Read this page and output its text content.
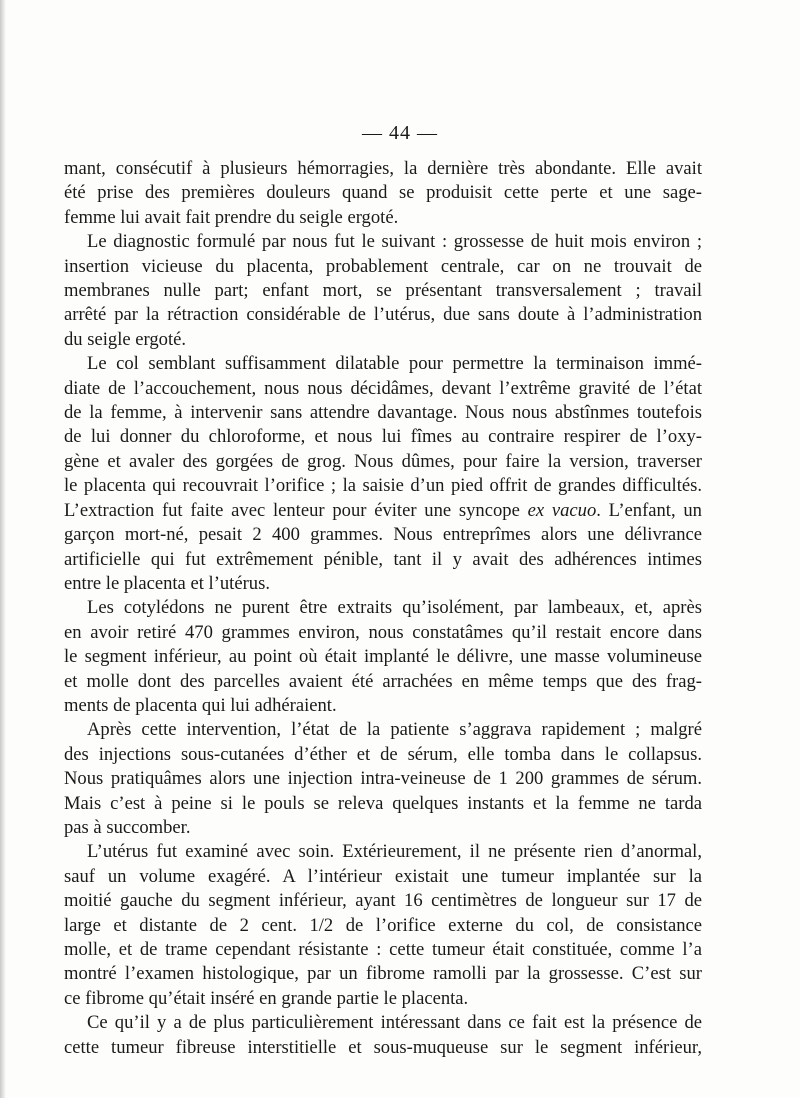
— 44 —
mant, consécutif à plusieurs hémorragies, la dernière très abondante. Elle avait
été prise des premières douleurs quand se produisit cette perte et une sage-
femme lui avait fait prendre du seigle ergoté.
Le diagnostic formulé par nous fut le suivant : grossesse de huit mois environ ;
insertion vicieuse du placenta, probablement centrale, car on ne trouvait de
membranes nulle part; enfant mort, se présentant transversalement ; travail
arrêté par la rétraction considérable de l’utérus, due sans doute à l’administration
du seigle ergoté.
Le col semblant suffisamment dilatable pour permettre la terminaison immé-
diate de l’accouchement, nous nous décidâmes, devant l’extrême gravité de l’état
de la femme, à intervenir sans attendre davantage. Nous nous abstînmes toutefois
de lui donner du chloroforme, et nous lui fîmes au contraire respirer de l’oxy-
gène et avaler des gorgées de grog. Nous dûmes, pour faire la version, traverser
le placenta qui recouvrait l’orifice ; la saisie d’un pied offrit de grandes difficultés.
L’extraction fut faite avec lenteur pour éviter une syncope ex vacuo. L’enfant, un
garçon mort-né, pesait 2 400 grammes. Nous entreprîmes alors une délivrance
artificielle qui fut extrêmement pénible, tant il y avait des adhérences intimes
entre le placenta et l’utérus.
Les cotylédons ne purent être extraits qu’isolément, par lambeaux, et, après
en avoir retiré 470 grammes environ, nous constatâmes qu’il restait encore dans
le segment inférieur, au point où était implanté le délivre, une masse volumineuse
et molle dont des parcelles avaient été arrachées en même temps que des frag-
ments de placenta qui lui adhéraient.
Après cette intervention, l’état de la patiente s’aggrava rapidement ; malgré
des injections sous-cutanées d’éther et de sérum, elle tomba dans le collapsus.
Nous pratiquâmes alors une injection intra-veineuse de 1 200 grammes de sérum.
Mais c’est à peine si le pouls se releva quelques instants et la femme ne tarda
pas à succomber.
L’utérus fut examiné avec soin. Extérieurement, il ne présente rien d’anormal,
sauf un volume exagéré. A l’intérieur existait une tumeur implantée sur la
moitié gauche du segment inférieur, ayant 16 centimètres de longueur sur 17 de
large et distante de 2 cent. 1/2 de l’orifice externe du col, de consistance
molle, et de trame cependant résistante : cette tumeur était constituée, comme l’a
montré l’examen histologique, par un fibrome ramolli par la grossesse. C’est sur
ce fibrome qu’était inséré en grande partie le placenta.
Ce qu’il y a de plus particulièrement intéressant dans ce fait est la présence de
cette tumeur fibreuse interstitielle et sous-muqueuse sur le segment inférieur,
